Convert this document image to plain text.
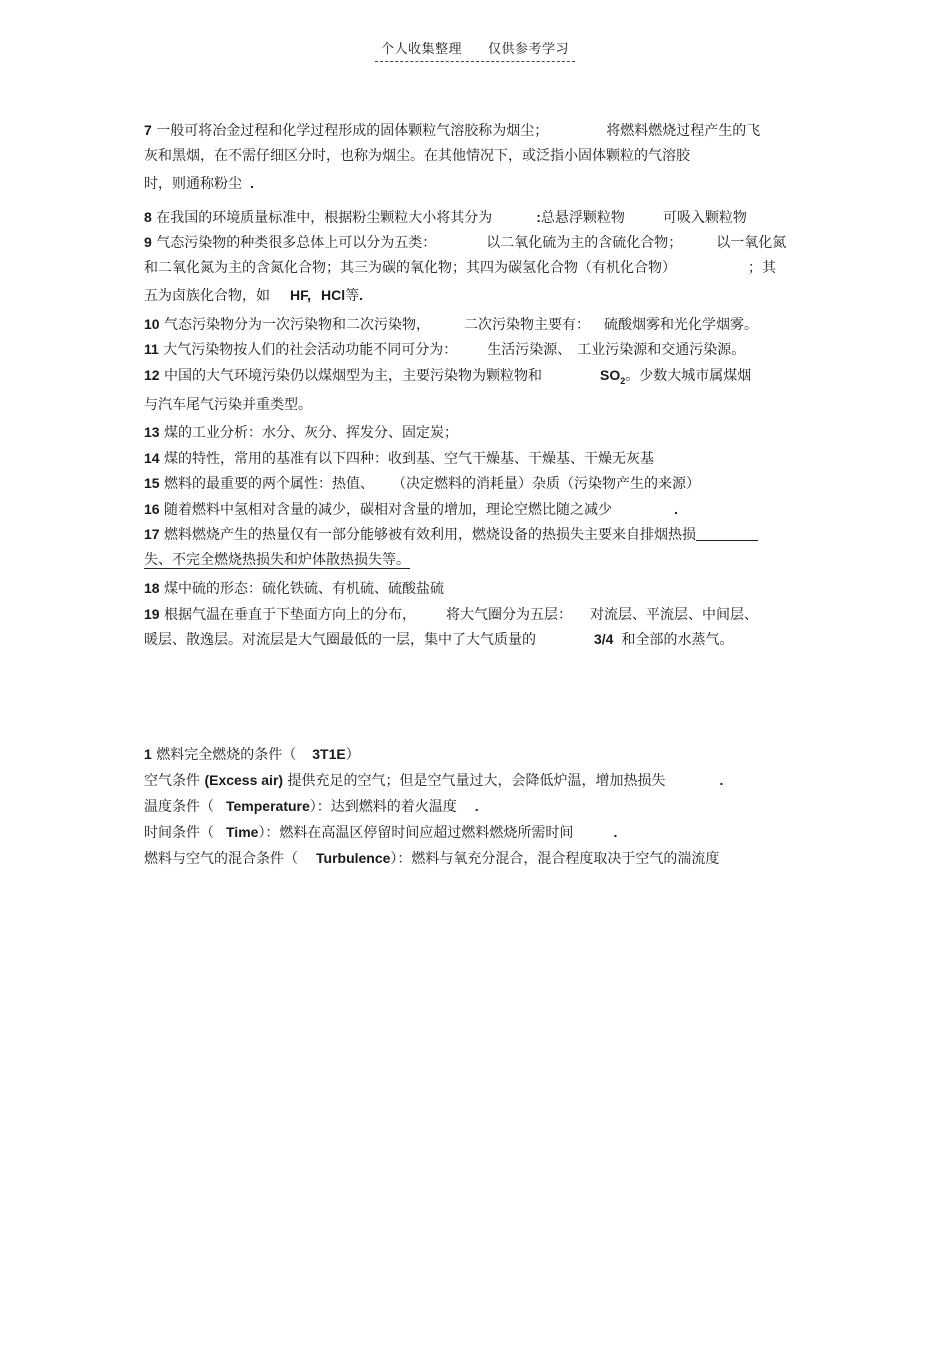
个人收集整理 仅供参考学习

7 一般可将冶金过程和化学过程形成的固体颗粒气溶胶称为烟尘；	将燃料燃烧过程产生的飞

灰和黑烟，在不需仔细区分时，也称为烟尘。在其他情况下，或泛指小固体颗粒的气溶胶

时，则通称粉尘 .

8 在我国的环境质量标准中，根据粉尘颗粒大小将其分为	:总悬浮颗粒物	可吸入颗粒物

9 气态污染物的种类很多总体上可以分为五类：	以二氧化硫为主的含硫化合物； 以一氧化氮

和二氧化氮为主的含氮化合物；其三为碳的氧化物；其四为碳氢化合物（有机化合物）	；其

五为卤族化合物，如 HF, HCl等.

10 气态污染物分为一次污染物和二次污染物， 二次污染物主要有： 硫酸烟雾和光化学烟雾。

11 大气污染物按人们的社会活动功能不同可分为： 生活污染源、 工业污染源和交通污染源。

12 中国的大气环境污染仍以煤烟型为主，主要污染物为颗粒物和	$SO_2$。少数大城市属煤烟

与汽车尾气污染并重类型。

13 煤的工业分析：水分、灰分、挥发分、固定炭；

14 煤的特性，常用的基准有以下四种：收到基、空气干燥基、干燥基、干燥无灰基

15 燃料的最重要的两个属性：热值、 （决定燃料的消耗量）杂质（污染物产生的来源）

16 随着燃料中氢相对含量的减少，碳相对含量的增加，理论空燃比随之减少	.

17 燃料燃烧产生的热量仅有一部分能够被有效利用，燃烧设备的热损失主要来自排烟热损

失、不完全燃烧热损失和炉体散热损失等。

18 煤中硫的形态：硫化铁硫、有机硫、硫酸盐硫

19 根据气温在垂直于下垫面方向上的分布， 将大气圈分为五层： 对流层、平流层、中间层、

暖层、散逸层。对流层是大气圈最低的一层，集中了大气质量的	3/4 和全部的水蒸气。

1 燃料完全燃烧的条件（ 3T1E）

空气条件 (Excess air) 提供充足的空气；但是空气量过大，会降低炉温，增加热损失	.

温度条件（ Temperature）：达到燃料的着火温度 .

时间条件（ Time）：燃料在高温区停留时间应超过燃料燃烧所需时间	.

燃料与空气的混合条件（ Turbulence）：燃料与氧充分混合，混合程度取决于空气的湍流度
